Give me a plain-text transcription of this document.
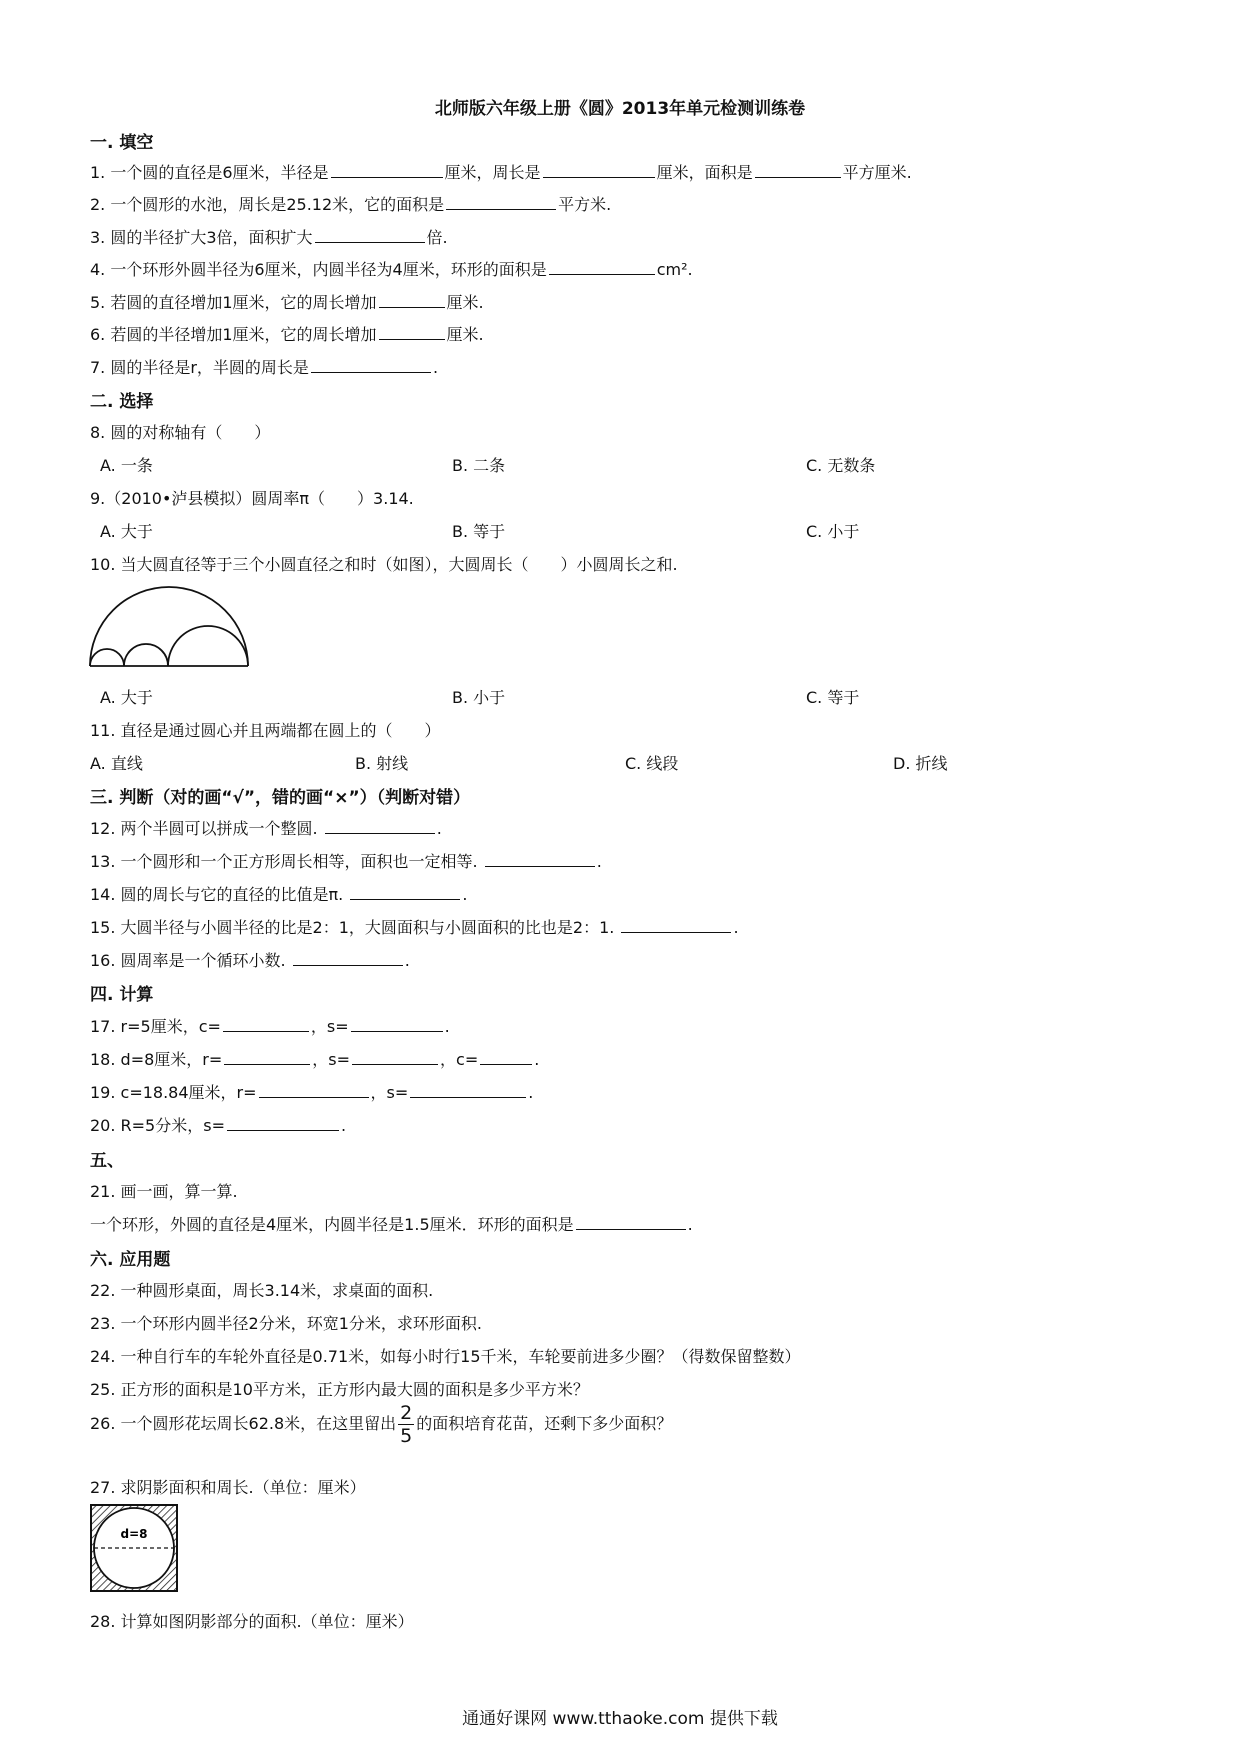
北师版六年级上册《圆》2013年单元检测训练卷
一. 填空
1. 一个圆的直径是6厘米，半径是	厘米，周长是	厘米，面积是	平方厘米.
2. 一个圆形的水池，周长是25.12米，它的面积是	平方米.
3. 圆的半径扩大3倍，面积扩大	倍.
4. 一个环形外圆半径为6厘米，内圆半径为4厘米，环形的面积是	cm².
5. 若圆的直径增加1厘米，它的周长增加	厘米.
6. 若圆的半径增加1厘米，它的周长增加	厘米.
7. 圆的半径是r，半圆的周长是	.
二. 选择
8. 圆的对称轴有（　　）
A. 一条	B. 二条	C. 无数条
9.（2010•泸县模拟）圆周率π（　　）3.14.
A. 大于	B. 等于	C. 小于
10. 当大圆直径等于三个小圆直径之和时（如图），大圆周长（　　）小圆周长之和.
A. 大于	B. 小于	C. 等于
11. 直径是通过圆心并且两端都在圆上的（　　）
A. 直线	B. 射线	C. 线段	D. 折线
三. 判断（对的画“√”，错的画“×”）（判断对错）
12. 两个半圆可以拼成一个整圆.	.
13. 一个圆形和一个正方形周长相等，面积也一定相等.	.
14. 圆的周长与它的直径的比值是π.	.
15. 大圆半径与小圆半径的比是2：1，大圆面积与小圆面积的比也是2：1.	.
16. 圆周率是一个循环小数.	.
四. 计算
17. r=5厘米，c=	，s=	.
18. d=8厘米，r=	，s=	，c=	.
19. c=18.84厘米，r=	，s=	.
20. R=5分米，s=	.
五、
21. 画一画，算一算.
一个环形，外圆的直径是4厘米，内圆半径是1.5厘米．环形的面积是	.
六. 应用题
22. 一种圆形桌面，周长3.14米，求桌面的面积.
23. 一个环形内圆半径2分米，环宽1分米，求环形面积.
24. 一种自行车的车轮外直径是0.71米，如每小时行15千米，车轮要前进多少圈？（得数保留整数）
25. 正方形的面积是10平方米，正方形内最大圆的面积是多少平方米？
26. 一个圆形花坛周长62.8米，在这里留出 $\frac{2}{5}$ 的面积培育花苗，还剩下多少面积？
27. 求阴影面积和周长.（单位：厘米）
d=8
28. 计算如图阴影部分的面积.（单位：厘米）
通通好课网 www.tthaoke.com 提供下载
